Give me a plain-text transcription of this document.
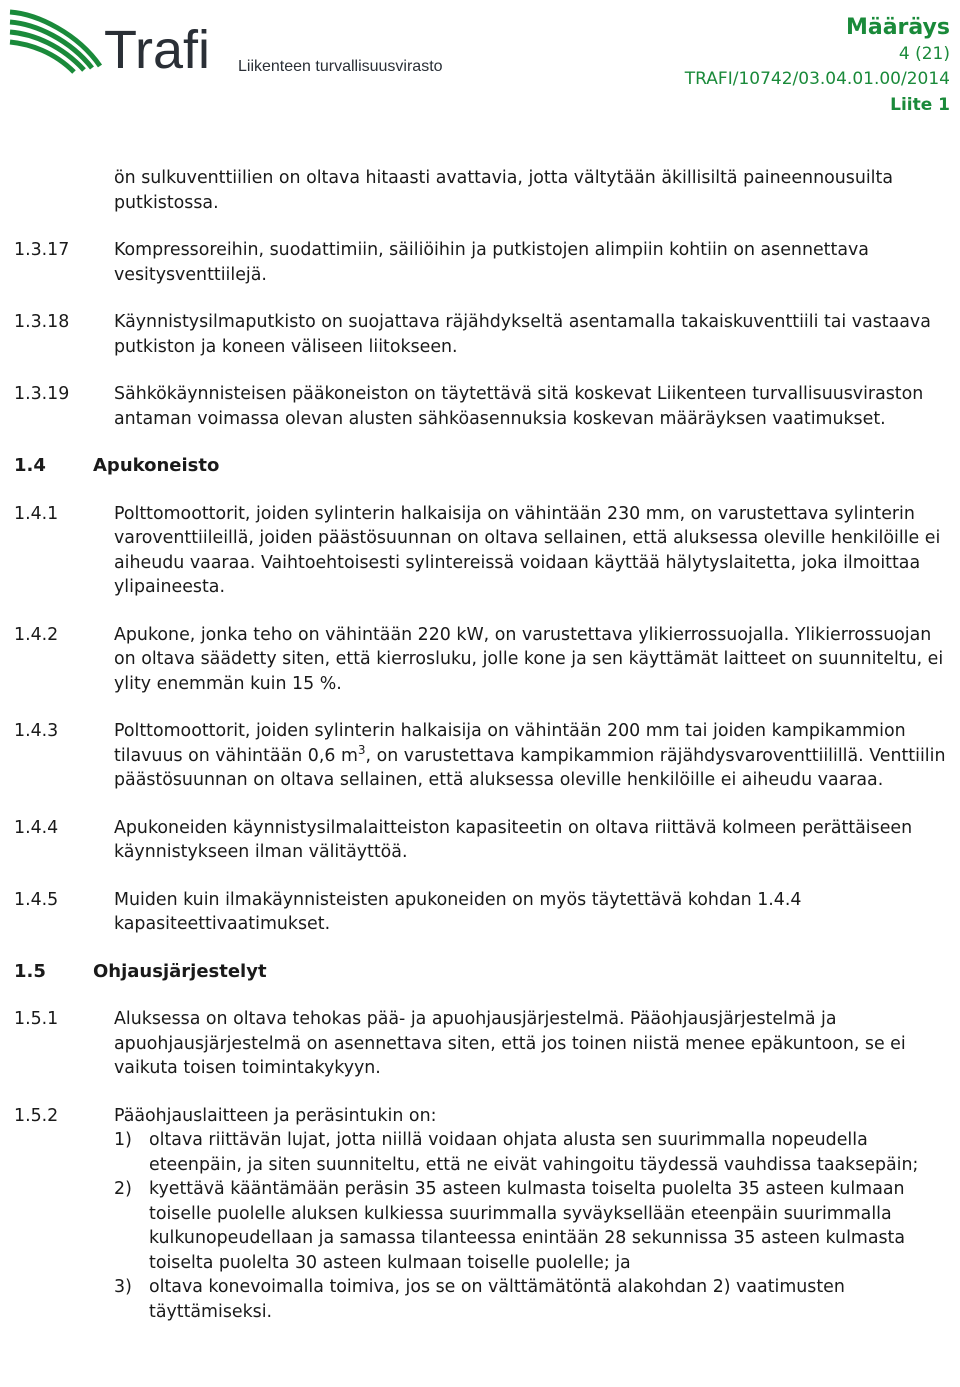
Trafi Liikenteen turvallisuusvirasto
Määräys
4 (21)
TRAFI/10742/03.04.01.00/2014
Liite 1
ön sulkuventtiilien on oltava hitaasti avattavia, jotta vältytään äkillisiltä paineennousuilta putkistossa.
1.3.17	Kompressoreihin, suodattimiin, säiliöihin ja putkistojen alimpiin kohtiin on asennettava vesitysventtiilejä.
1.3.18	Käynnistysilmaputkisto on suojattava räjähdykseltä asentamalla takaiskuventtiili tai vastaava putkiston ja koneen väliseen liitokseen.
1.3.19	Sähkökäynnisteisen pääkoneiston on täytettävä sitä koskevat Liikenteen turvallisuusviraston antaman voimassa olevan alusten sähköasennuksia koskevan määräyksen vaatimukset.
1.4	Apukoneisto
1.4.1	Polttomoottorit, joiden sylinterin halkaisija on vähintään 230 mm, on varustettava sylinterin varoventtiileillä, joiden päästösuunnan on oltava sellainen, että aluksessa oleville henkilöille ei aiheudu vaaraa. Vaihtoehtoisesti sylintereissä voidaan käyttää hälytyslaitetta, joka ilmoittaa ylipaineesta.
1.4.2	Apukone, jonka teho on vähintään 220 kW, on varustettava ylikierrossuojalla. Ylikierrossuojan on oltava säädetty siten, että kierrosluku, jolle kone ja sen käyttämät laitteet on suunniteltu, ei ylity enemmän kuin 15 %.
1.4.3	Polttomoottorit, joiden sylinterin halkaisija on vähintään 200 mm tai joiden kampikammion tilavuus on vähintään 0,6 $m^3$, on varustettava kampikammion räjähdysvaroventtiilillä. Venttiilin päästösuunnan on oltava sellainen, että aluksessa oleville henkilöille ei aiheudu vaaraa.
1.4.4	Apukoneiden käynnistysilmalaitteiston kapasiteetin on oltava riittävä kolmeen perättäiseen käynnistykseen ilman välitäyttöä.
1.4.5	Muiden kuin ilmakäynnisteisten apukoneiden on myös täytettävä kohdan 1.4.4 kapasiteettivaatimukset.
1.5	Ohjausjärjestelyt
1.5.1	Aluksessa on oltava tehokas pää- ja apuohjausjärjestelmä. Pääohjausjärjestelmä ja apuohjausjärjestelmä on asennettava siten, että jos toinen niistä menee epäkuntoon, se ei vaikuta toisen toimintakykyyn.
1.5.2	Pääohjauslaitteen ja peräsintukin on:
1) oltava riittävän lujat, jotta niillä voidaan ohjata alusta sen suurimmalla nopeudella eteenpäin, ja siten suunniteltu, että ne eivät vahingoitu täydessä vauhdissa taaksepäin;
2) kyettävä kääntämään peräsin 35 asteen kulmasta toiselta puolelta 35 asteen kulmaan toiselle puolelle aluksen kulkiessa suurimmalla syväyksellään eteenpäin suurimmalla kulkunopeudellaan ja samassa tilanteessa enintään 28 sekunnissa 35 asteen kulmasta toiselta puolelta 30 asteen kulmaan toiselle puolelle; ja
3) oltava konevoimalla toimiva, jos se on välttämätöntä alakohdan 2) vaatimusten täyttämiseksi.
